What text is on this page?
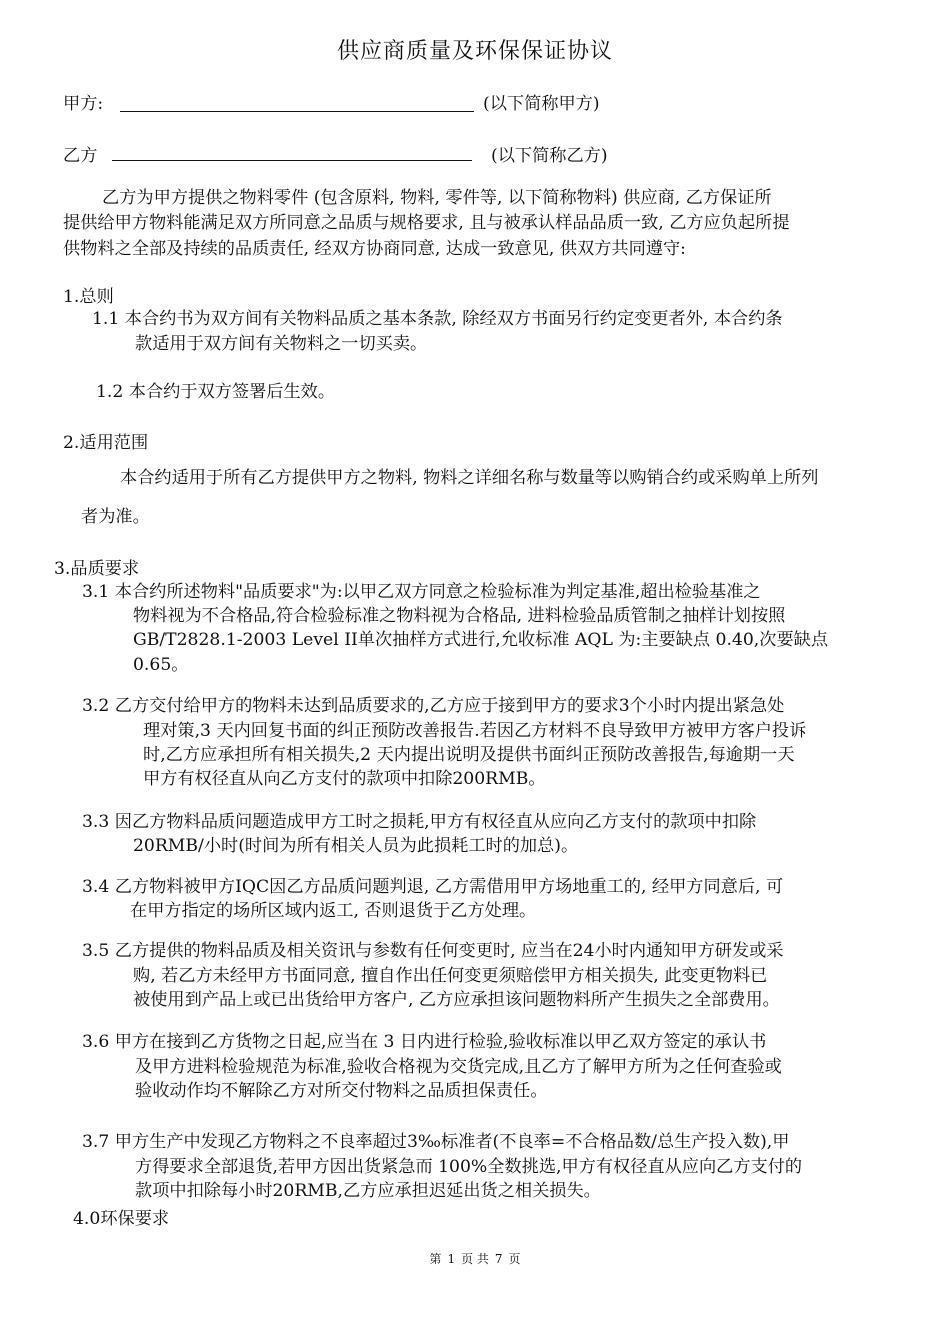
供应商质量及环保保证协议
甲方:	(以下简称甲方)
乙方	(以下简称乙方)
乙方为甲方提供之物料零件 (包含原料, 物料, 零件等, 以下简称物料) 供应商, 乙方保证所
提供给甲方物料能满足双方所同意之品质与规格要求, 且与被承认样品品质一致, 乙方应负起所提
供物料之全部及持续的品质责任, 经双方协商同意, 达成一致意见, 供双方共同遵守:
1.总则
1.1 本合约书为双方间有关物料品质之基本条款, 除经双方书面另行约定变更者外, 本合约条
款适用于双方间有关物料之一切买卖。
1.2 本合约于双方签署后生效。
2.适用范围
本合约适用于所有乙方提供甲方之物料, 物料之详细名称与数量等以购销合约或采购单上所列
者为准。
3.品质要求
3.1 本合约所述物料"品质要求"为:以甲乙双方同意之检验标准为判定基准,超出检验基准之
物料视为不合格品,符合检验标准之物料视为合格品, 进料检验品质管制之抽样计划按照
GB/T2828.1-2003 Level II单次抽样方式进行,允收标准 AQL 为:主要缺点 0.40,次要缺点
0.65。
3.2 乙方交付给甲方的物料未达到品质要求的,乙方应于接到甲方的要求3个小时内提出紧急处
理对策,3 天内回复书面的纠正预防改善报告.若因乙方材料不良导致甲方被甲方客户投诉
时,乙方应承担所有相关损失,2 天内提出说明及提供书面纠正预防改善报告,每逾期一天
甲方有权径直从向乙方支付的款项中扣除200RMB。
3.3 因乙方物料品质问题造成甲方工时之损耗,甲方有权径直从应向乙方支付的款项中扣除
20RMB/小时(时间为所有相关人员为此损耗工时的加总)。
3.4 乙方物料被甲方IQC因乙方品质问题判退, 乙方需借用甲方场地重工的, 经甲方同意后, 可
在甲方指定的场所区域内返工, 否则退货于乙方处理。
3.5 乙方提供的物料品质及相关资讯与参数有任何变更时, 应当在24小时内通知甲方研发或采
购, 若乙方未经甲方书面同意, 擅自作出任何变更须赔偿甲方相关损失, 此变更物料已
被使用到产品上或已出货给甲方客户, 乙方应承担该问题物料所产生损失之全部费用。
3.6 甲方在接到乙方货物之日起,应当在 3 日内进行检验,验收标准以甲乙双方签定的承认书
及甲方进料检验规范为标准,验收合格视为交货完成,且乙方了解甲方所为之任何查验或
验收动作均不解除乙方对所交付物料之品质担保责任。
3.7 甲方生产中发现乙方物料之不良率超过3‰标准者(不良率=不合格品数/总生产投入数),甲
方得要求全部退货,若甲方因出货紧急而 100%全数挑选,甲方有权径直从应向乙方支付的
款项中扣除每小时20RMB,乙方应承担迟延出货之相关损失。
4.0环保要求
第 1 页 共 7 页
